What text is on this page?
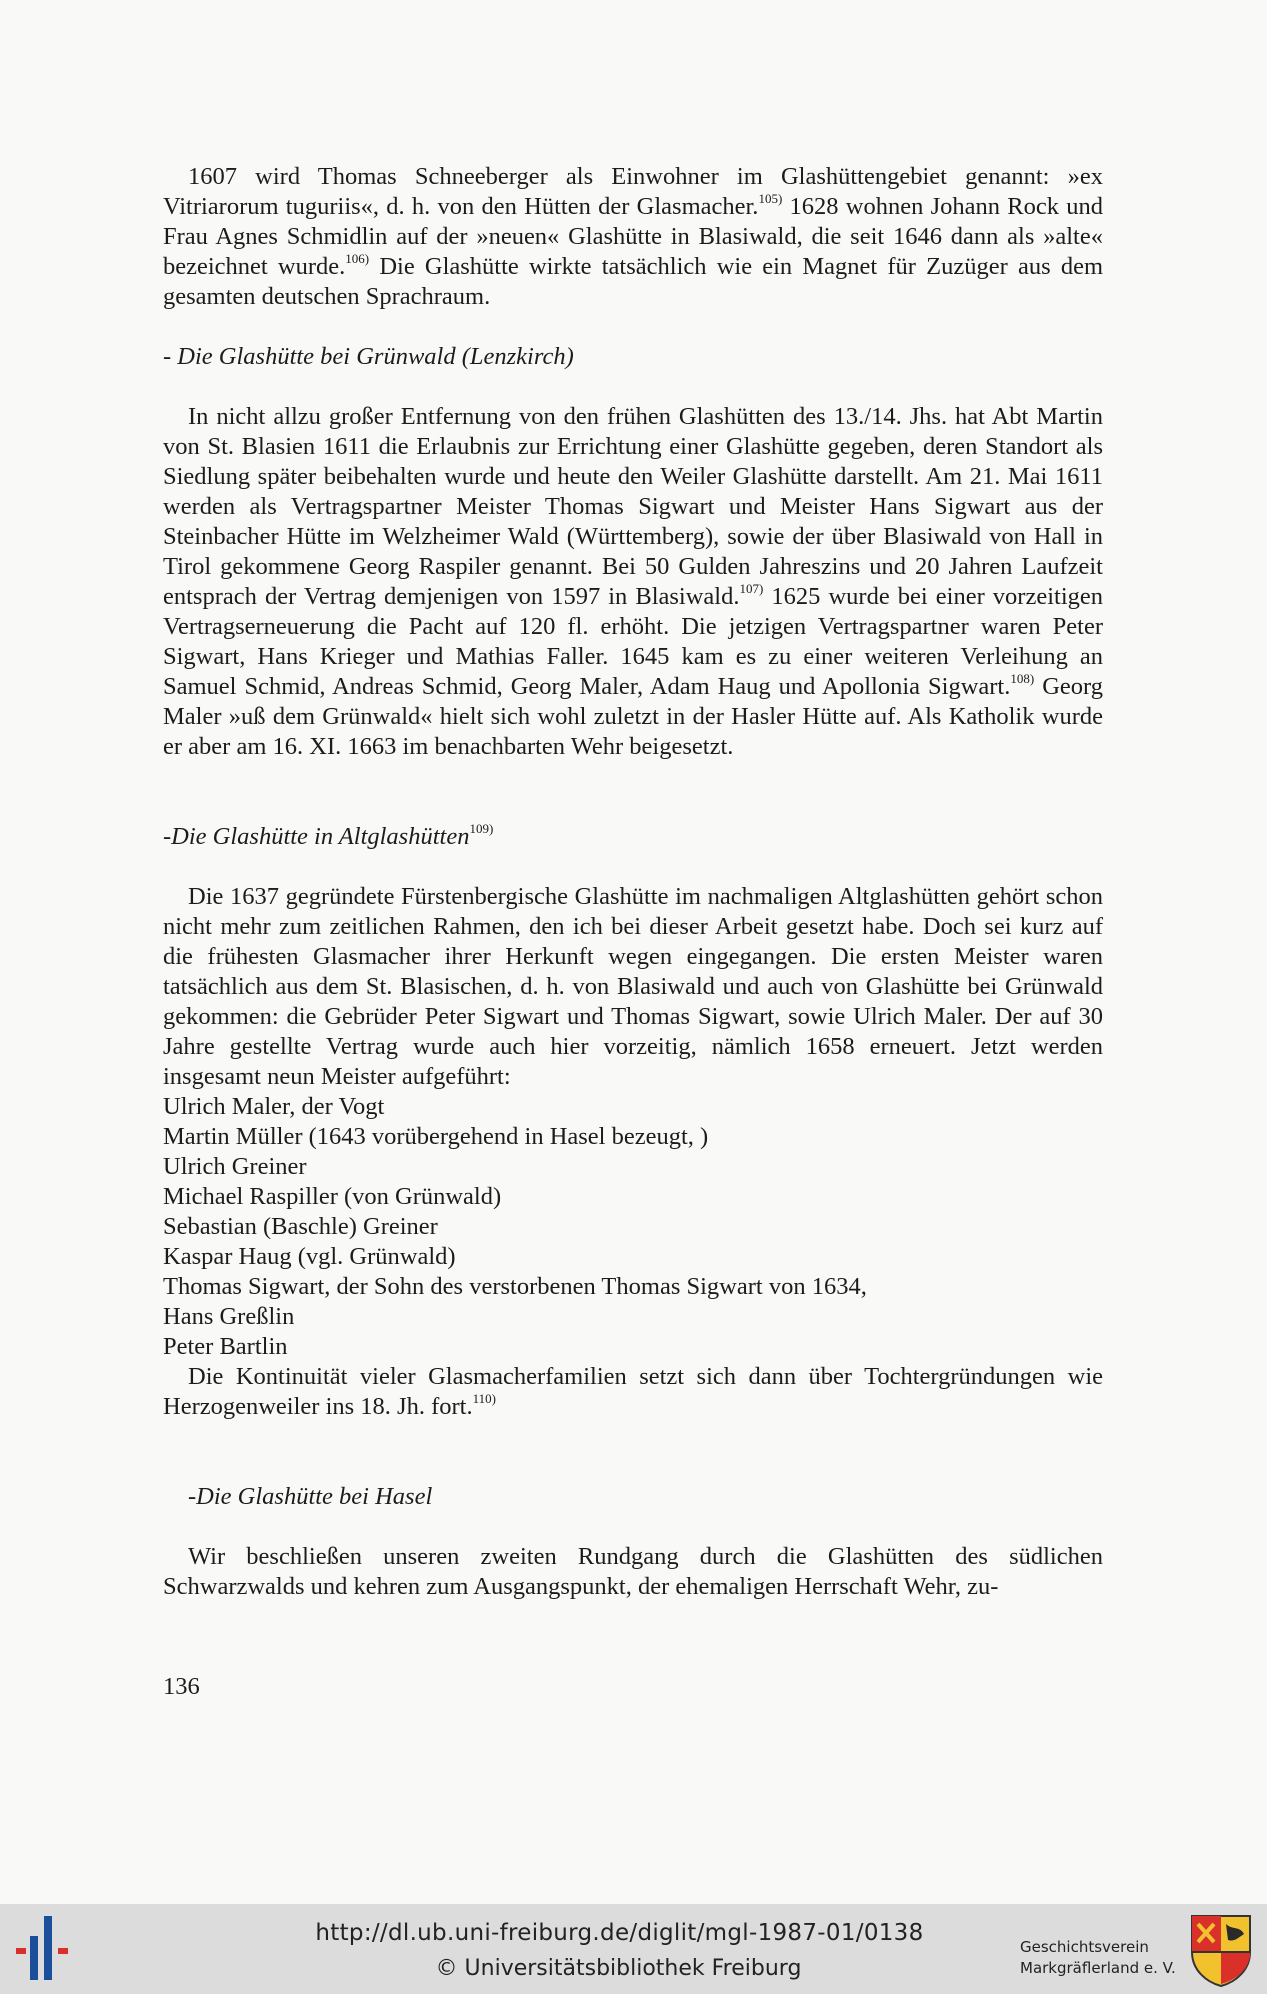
1607 wird Thomas Schneeberger als Einwohner im Glashüttengebiet genannt: »ex Vitriarorum tuguriis«, d. h. von den Hütten der Glasmacher.$^{105)}$ 1628 wohnen Johann Rock und Frau Agnes Schmidlin auf der »neuen« Glashütte in Blasiwald, die seit 1646 dann als »alte« bezeichnet wurde.$^{106)}$ Die Glashütte wirkte tatsächlich wie ein Magnet für Zuzüger aus dem gesamten deutschen Sprachraum.

- Die Glashütte bei Grünwald (Lenzkirch)

In nicht allzu großer Entfernung von den frühen Glashütten des 13./14. Jhs. hat Abt Martin von St. Blasien 1611 die Erlaubnis zur Errichtung einer Glashütte gegeben, deren Standort als Siedlung später beibehalten wurde und heute den Weiler Glashütte darstellt. Am 21. Mai 1611 werden als Vertragspartner Meister Thomas Sigwart und Meister Hans Sigwart aus der Steinbacher Hütte im Welzheimer Wald (Württemberg), sowie der über Blasiwald von Hall in Tirol gekommene Georg Raspiler genannt. Bei 50 Gulden Jahreszins und 20 Jahren Laufzeit entsprach der Vertrag demjenigen von 1597 in Blasiwald.$^{107)}$ 1625 wurde bei einer vorzeitigen Vertragserneuerung die Pacht auf 120 fl. erhöht. Die jetzigen Vertragspartner waren Peter Sigwart, Hans Krieger und Mathias Faller. 1645 kam es zu einer weiteren Verleihung an Samuel Schmid, Andreas Schmid, Georg Maler, Adam Haug und Apollonia Sigwart.$^{108)}$ Georg Maler »uß dem Grünwald« hielt sich wohl zuletzt in der Hasler Hütte auf. Als Katholik wurde er aber am 16. XI. 1663 im benachbarten Wehr beigesetzt.

-Die Glashütte in Altglashütten$^{109)}$

Die 1637 gegründete Fürstenbergische Glashütte im nachmaligen Altglashütten gehört schon nicht mehr zum zeitlichen Rahmen, den ich bei dieser Arbeit gesetzt habe. Doch sei kurz auf die frühesten Glasmacher ihrer Herkunft wegen eingegangen. Die ersten Meister waren tatsächlich aus dem St. Blasischen, d. h. von Blasiwald und auch von Glashütte bei Grünwald gekommen: die Gebrüder Peter Sigwart und Thomas Sigwart, sowie Ulrich Maler. Der auf 30 Jahre gestellte Vertrag wurde auch hier vorzeitig, nämlich 1658 erneuert. Jetzt werden insgesamt neun Meister aufgeführt:

Ulrich Maler, der Vogt

Martin Müller (1643 vorübergehend in Hasel bezeugt, )

Ulrich Greiner

Michael Raspiller (von Grünwald)

Sebastian (Baschle) Greiner

Kaspar Haug (vgl. Grünwald)

Thomas Sigwart, der Sohn des verstorbenen Thomas Sigwart von 1634,

Hans Greßlin

Peter Bartlin

Die Kontinuität vieler Glasmacherfamilien setzt sich dann über Tochtergründungen wie Herzogenweiler ins 18. Jh. fort.$^{110)}$

-Die Glashütte bei Hasel

Wir beschließen unseren zweiten Rundgang durch die Glashütten des südlichen Schwarzwalds und kehren zum Ausgangspunkt, der ehemaligen Herrschaft Wehr, zu-

136
http://dl.ub.uni-freiburg.de/diglit/mgl-1987-01/0138
© Universitätsbibliothek Freiburg
Geschichtsverein
Markgräflerland e. V.
